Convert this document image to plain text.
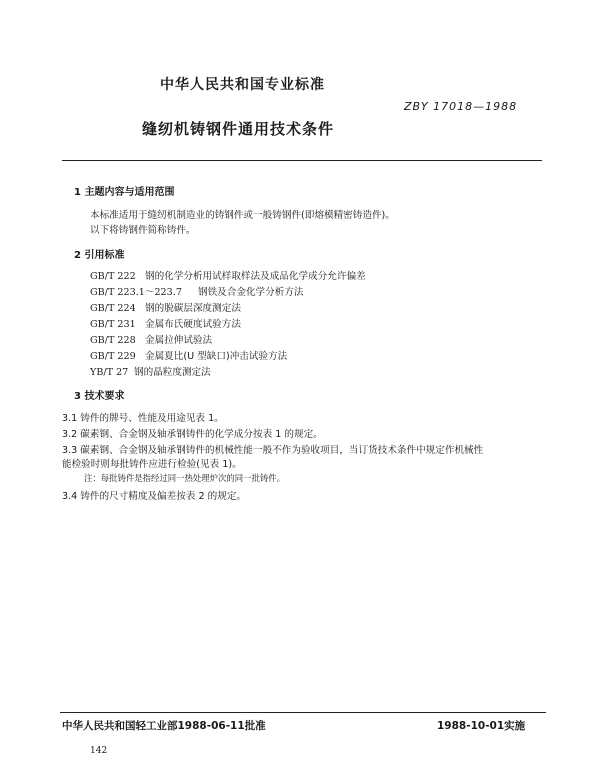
中华人民共和国专业标准
ZBY 17018—1988
缝纫机铸钢件通用技术条件
1 主题内容与适用范围
本标准适用于缝纫机制造业的铸钢件或一般铸钢件(即熔模精密铸造件)。
以下将铸钢件简称铸件。
2 引用标准
GB/T 222 钢的化学分析用试样取样法及成品化学成分允许偏差
GB/T 223.1～223.7 钢铁及合金化学分析方法
GB/T 224 钢的脱碳层深度测定法
GB/T 231 金属布氏硬度试验方法
GB/T 228 金属拉伸试验法
GB/T 229 金属夏比(U 型缺口)冲击试验方法
YB/T 27 钢的晶粒度测定法
3 技术要求
3.1 铸件的牌号、性能及用途见表 1。
3.2 碳素钢、合金钢及轴承钢铸件的化学成分按表 1 的规定。
3.3 碳素钢、合金钢及轴承钢铸件的机械性能一般不作为验收项目，当订货技术条件中规定作机械性
能检验时则每批铸件应进行检验(见表 1)。
注：每批铸件是指经过同一热处理炉次的同一批铸件。
3.4 铸件的尺寸精度及偏差按表 2 的规定。
中华人民共和国轻工业部1988-06-11批准	1988-10-01实施
142
